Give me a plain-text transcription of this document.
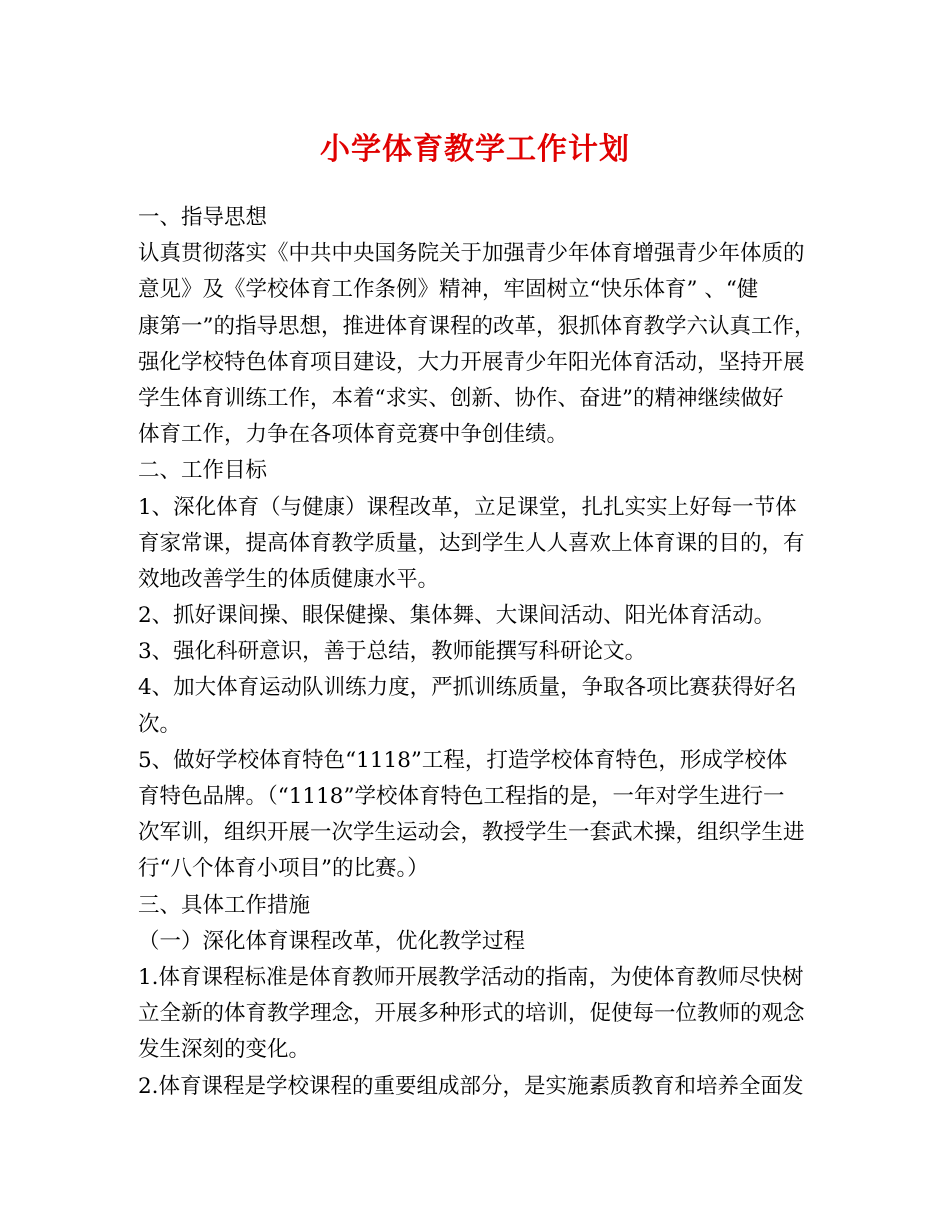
小学体育教学工作计划
一、指导思想
认真贯彻落实《中共中央国务院关于加强青少年体育增强青少年体质的
意见》及《学校体育工作条例》精神，牢固树立“快乐体育” 、“健
康第一”的指导思想，推进体育课程的改革，狠抓体育教学六认真工作，
强化学校特色体育项目建设，大力开展青少年阳光体育活动，坚持开展
学生体育训练工作，本着“求实、创新、协作、奋进”的精神继续做好
体育工作，力争在各项体育竞赛中争创佳绩。
二、工作目标
1、深化体育（与健康）课程改革，立足课堂，扎扎实实上好每一节体
育家常课，提高体育教学质量，达到学生人人喜欢上体育课的目的，有
效地改善学生的体质健康水平。
2、抓好课间操、眼保健操、集体舞、大课间活动、阳光体育活动。
3、强化科研意识，善于总结，教师能撰写科研论文。
4、加大体育运动队训练力度，严抓训练质量，争取各项比赛获得好名
次。
5、做好学校体育特色“1118”工程，打造学校体育特色，形成学校体
育特色品牌。（“1118”学校体育特色工程指的是，一年对学生进行一
次军训，组织开展一次学生运动会，教授学生一套武术操，组织学生进
行“八个体育小项目”的比赛。）
三、具体工作措施
（一）深化体育课程改革，优化教学过程
1.体育课程标准是体育教师开展教学活动的指南，为使体育教师尽快树
立全新的体育教学理念，开展多种形式的培训，促使每一位教师的观念
发生深刻的变化。
2.体育课程是学校课程的重要组成部分，是实施素质教育和培养全面发
